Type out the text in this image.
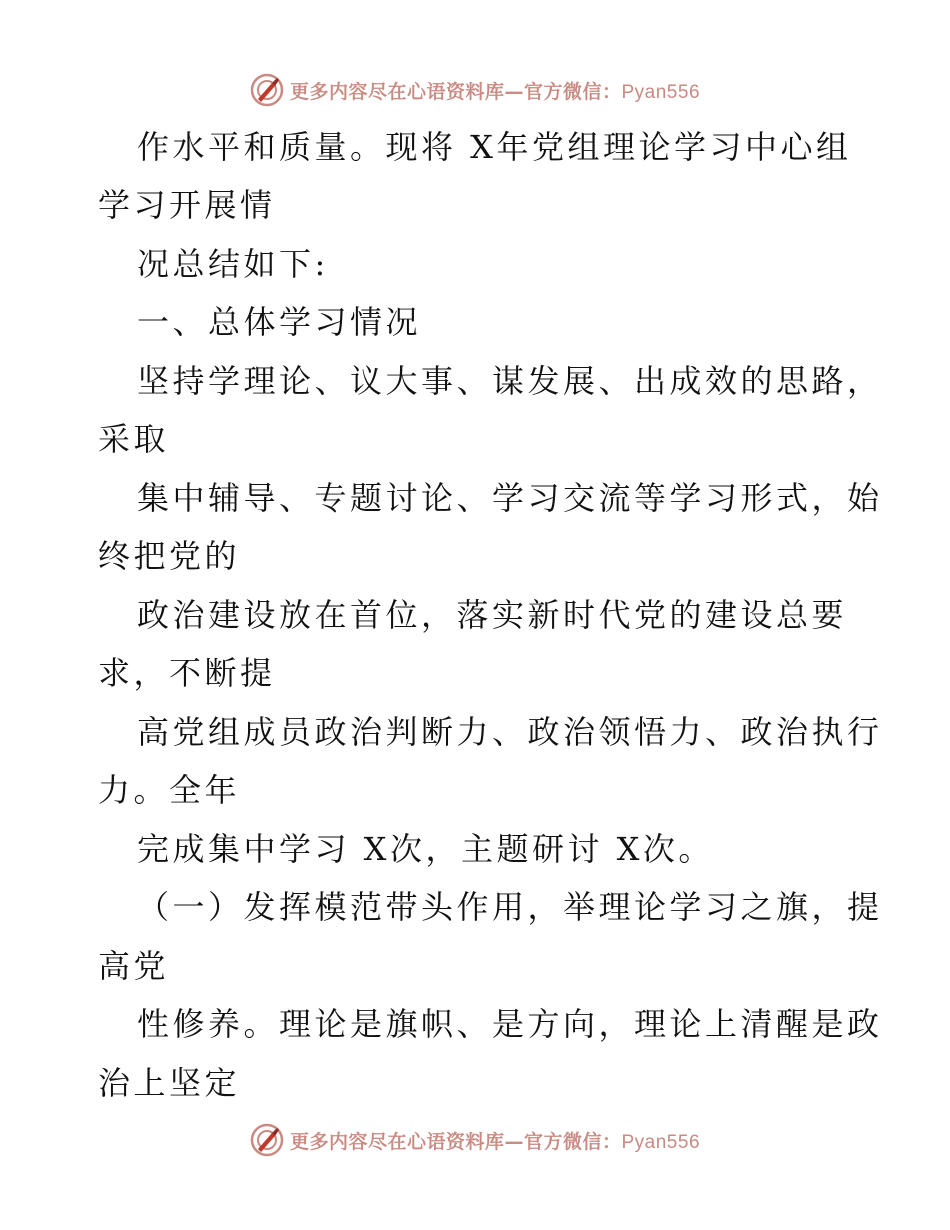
更多内容尽在心语资料库—官方微信：Pyan556
作水平和质量。现将 X年党组理论学习中心组
学习开展情
况总结如下:
一、总体学习情况
坚持学理论、议大事、谋发展、出成效的思路，
采取
集中辅导、专题讨论、学习交流等学习形式，始
终把党的
政治建设放在首位，落实新时代党的建设总要
求，不断提
高党组成员政治判断力、政治领悟力、政治执行
力。全年
完成集中学习 X次，主题研讨 X次。
（一）发挥模范带头作用，举理论学习之旗，提
高党
性修养。理论是旗帜、是方向，理论上清醒是政
治上坚定
更多内容尽在心语资料库—官方微信：Pyan556
